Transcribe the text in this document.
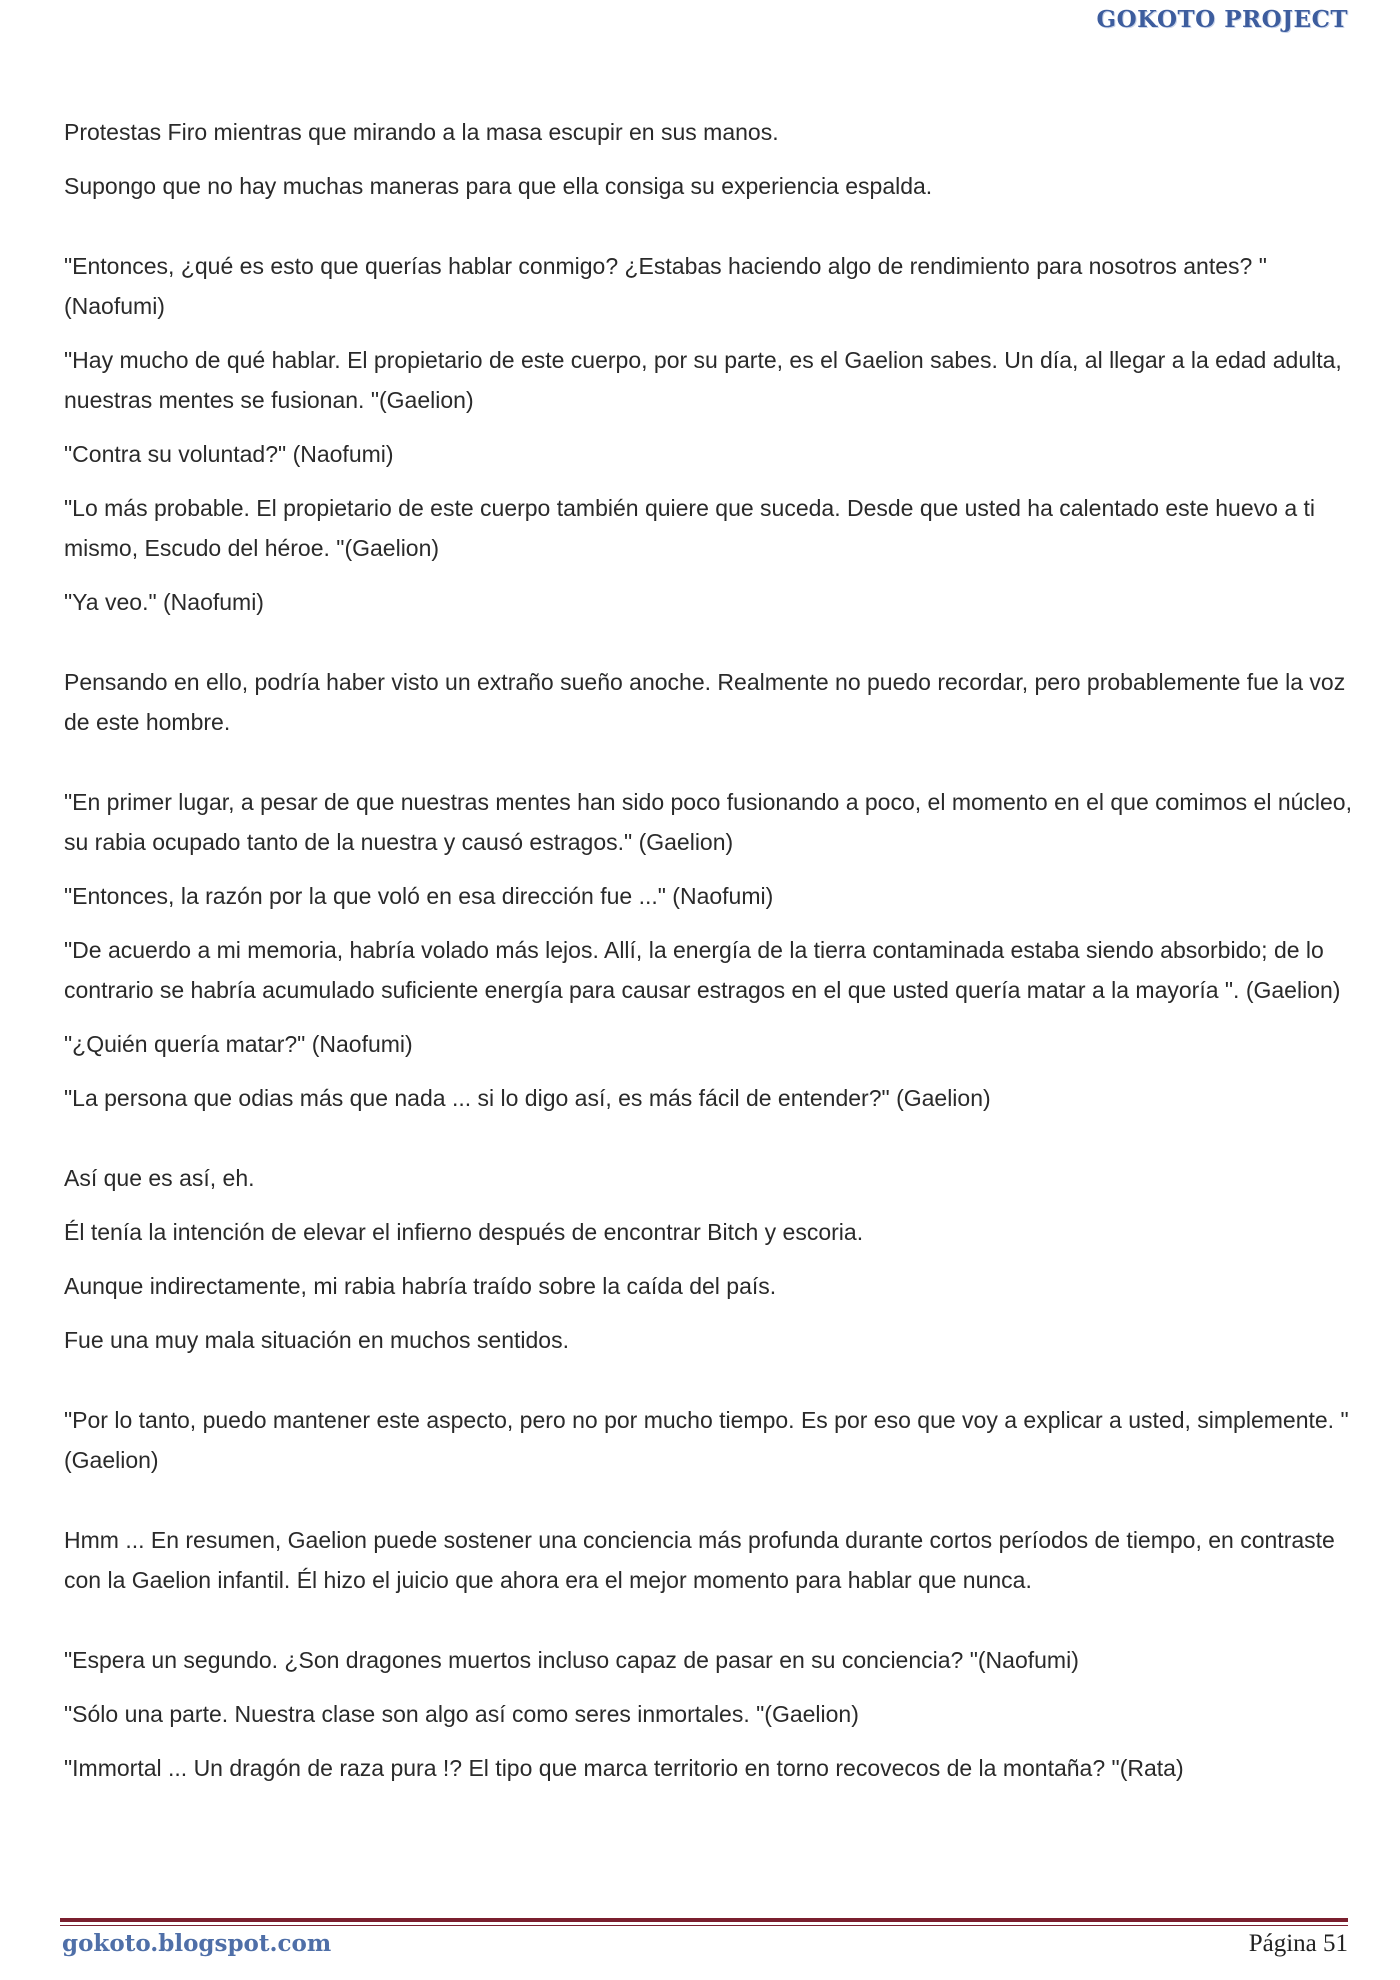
GOKOTO PROJECT

Protestas Firo mientras que mirando a la masa escupir en sus manos.

Supongo que no hay muchas maneras para que ella consiga su experiencia espalda.

"Entonces, ¿qué es esto que querías hablar conmigo? ¿Estabas haciendo algo de rendimiento para nosotros antes? "(Naofumi)

"Hay mucho de qué hablar. El propietario de este cuerpo, por su parte, es el Gaelion sabes. Un día, al llegar a la edad adulta, nuestras mentes se fusionan. "(Gaelion)

"Contra su voluntad?" (Naofumi)

"Lo más probable. El propietario de este cuerpo también quiere que suceda. Desde que usted ha calentado este huevo a ti mismo, Escudo del héroe. "(Gaelion)

"Ya veo." (Naofumi)

Pensando en ello, podría haber visto un extraño sueño anoche. Realmente no puedo recordar, pero probablemente fue la voz de este hombre.

"En primer lugar, a pesar de que nuestras mentes han sido poco fusionando a poco, el momento en el que comimos el núcleo, su rabia ocupado tanto de la nuestra y causó estragos." (Gaelion)

"Entonces, la razón por la que voló en esa dirección fue ..." (Naofumi)

"De acuerdo a mi memoria, habría volado más lejos. Allí, la energía de la tierra contaminada estaba siendo absorbido; de lo contrario se habría acumulado suficiente energía para causar estragos en el que usted quería matar a la mayoría ". (Gaelion)

"¿Quién quería matar?" (Naofumi)

"La persona que odias más que nada ... si lo digo así, es más fácil de entender?" (Gaelion)

Así que es así, eh.

Él tenía la intención de elevar el infierno después de encontrar Bitch y escoria.

Aunque indirectamente, mi rabia habría traído sobre la caída del país.

Fue una muy mala situación en muchos sentidos.

"Por lo tanto, puedo mantener este aspecto, pero no por mucho tiempo. Es por eso que voy a explicar a usted, simplemente. "(Gaelion)

Hmm ... En resumen, Gaelion puede sostener una conciencia más profunda durante cortos períodos de tiempo, en contraste con la Gaelion infantil. Él hizo el juicio que ahora era el mejor momento para hablar que nunca.

"Espera un segundo. ¿Son dragones muertos incluso capaz de pasar en su conciencia? "(Naofumi)

"Sólo una parte. Nuestra clase son algo así como seres inmortales. "(Gaelion)

"Immortal ... Un dragón de raza pura !? El tipo que marca territorio en torno recovecos de la montaña? "(Rata)

gokoto.blogspot.com	Página 51
